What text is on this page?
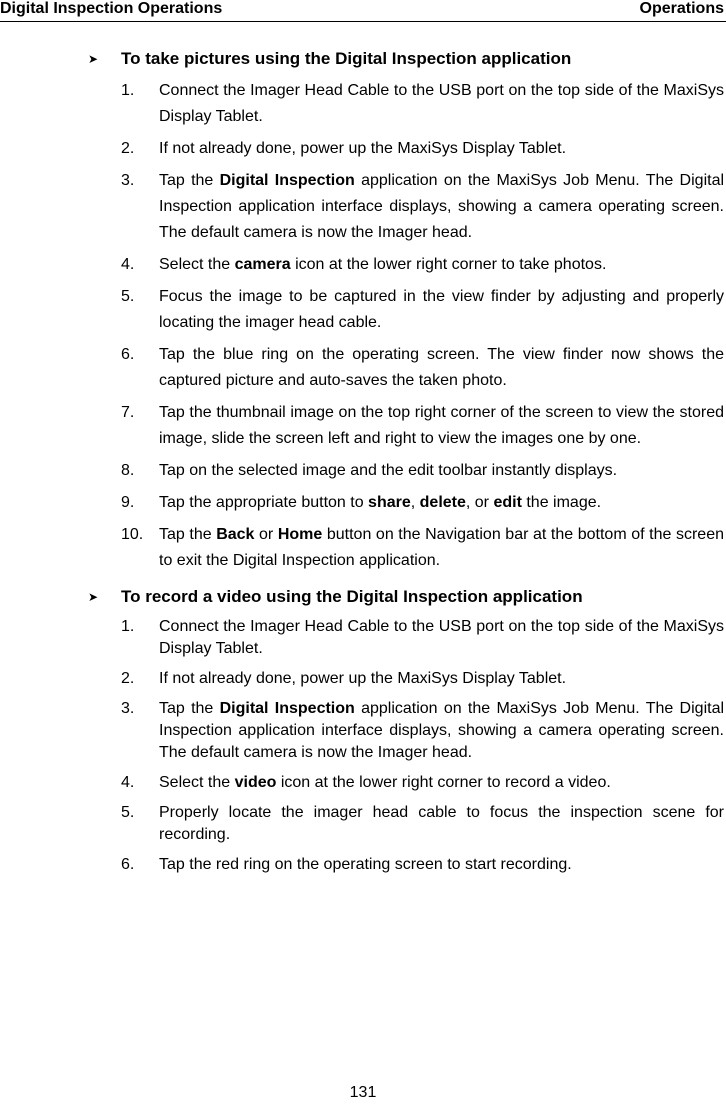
Digital Inspection Operations	Operations
➤ To take pictures using the Digital Inspection application
1. Connect the Imager Head Cable to the USB port on the top side of the MaxiSys Display Tablet.
2. If not already done, power up the MaxiSys Display Tablet.
3. Tap the Digital Inspection application on the MaxiSys Job Menu. The Digital Inspection application interface displays, showing a camera operating screen. The default camera is now the Imager head.
4. Select the camera icon at the lower right corner to take photos.
5. Focus the image to be captured in the view finder by adjusting and properly locating the imager head cable.
6. Tap the blue ring on the operating screen. The view finder now shows the captured picture and auto-saves the taken photo.
7. Tap the thumbnail image on the top right corner of the screen to view the stored image, slide the screen left and right to view the images one by one.
8. Tap on the selected image and the edit toolbar instantly displays.
9. Tap the appropriate button to share, delete, or edit the image.
10. Tap the Back or Home button on the Navigation bar at the bottom of the screen to exit the Digital Inspection application.
➤ To record a video using the Digital Inspection application
1. Connect the Imager Head Cable to the USB port on the top side of the MaxiSys Display Tablet.
2. If not already done, power up the MaxiSys Display Tablet.
3. Tap the Digital Inspection application on the MaxiSys Job Menu. The Digital Inspection application interface displays, showing a camera operating screen. The default camera is now the Imager head.
4. Select the video icon at the lower right corner to record a video.
5. Properly locate the imager head cable to focus the inspection scene for recording.
6. Tap the red ring on the operating screen to start recording.
131
